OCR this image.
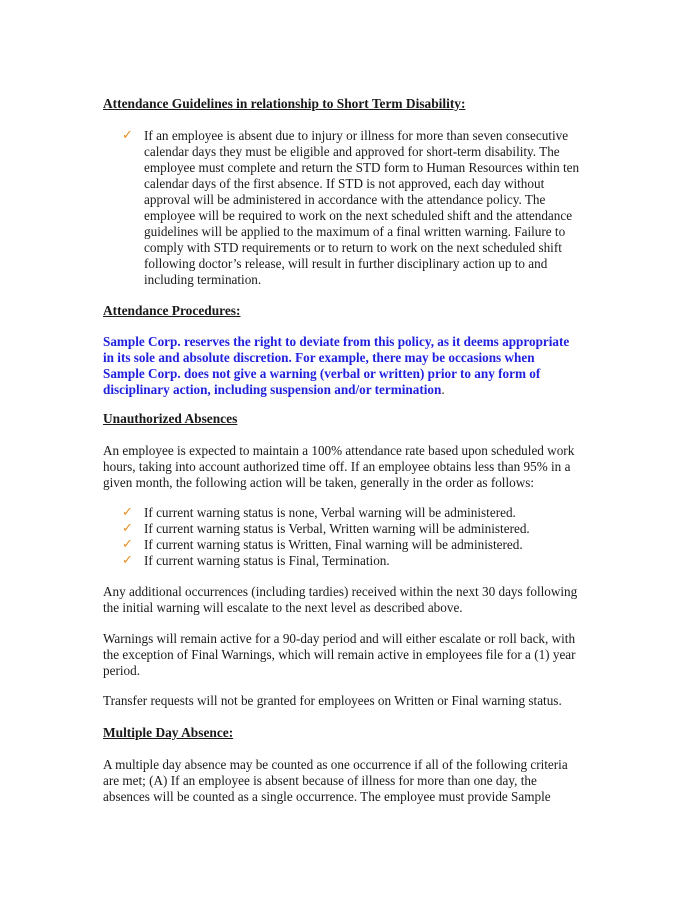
Attendance Guidelines in relationship to Short Term Disability:
✓ If an employee is absent due to injury or illness for more than seven consecutive
calendar days they must be eligible and approved for short-term disability. The
employee must complete and return the STD form to Human Resources within ten
calendar days of the first absence. If STD is not approved, each day without
approval will be administered in accordance with the attendance policy. The
employee will be required to work on the next scheduled shift and the attendance
guidelines will be applied to the maximum of a final written warning. Failure to
comply with STD requirements or to return to work on the next scheduled shift
following doctor’s release, will result in further disciplinary action up to and
including termination.
Attendance Procedures:
Sample Corp. reserves the right to deviate from this policy, as it deems appropriate
in its sole and absolute discretion. For example, there may be occasions when
Sample Corp. does not give a warning (verbal or written) prior to any form of
disciplinary action, including suspension and/or termination.
Unauthorized Absences
An employee is expected to maintain a 100% attendance rate based upon scheduled work
hours, taking into account authorized time off. If an employee obtains less than 95% in a
given month, the following action will be taken, generally in the order as follows:
✓ If current warning status is none, Verbal warning will be administered.
✓ If current warning status is Verbal, Written warning will be administered.
✓ If current warning status is Written, Final warning will be administered.
✓ If current warning status is Final, Termination.
Any additional occurrences (including tardies) received within the next 30 days following
the initial warning will escalate to the next level as described above.
Warnings will remain active for a 90-day period and will either escalate or roll back, with
the exception of Final Warnings, which will remain active in employees file for a (1) year
period.
Transfer requests will not be granted for employees on Written or Final warning status.
Multiple Day Absence:
A multiple day absence may be counted as one occurrence if all of the following criteria
are met; (A) If an employee is absent because of illness for more than one day, the
absences will be counted as a single occurrence. The employee must provide Sample
